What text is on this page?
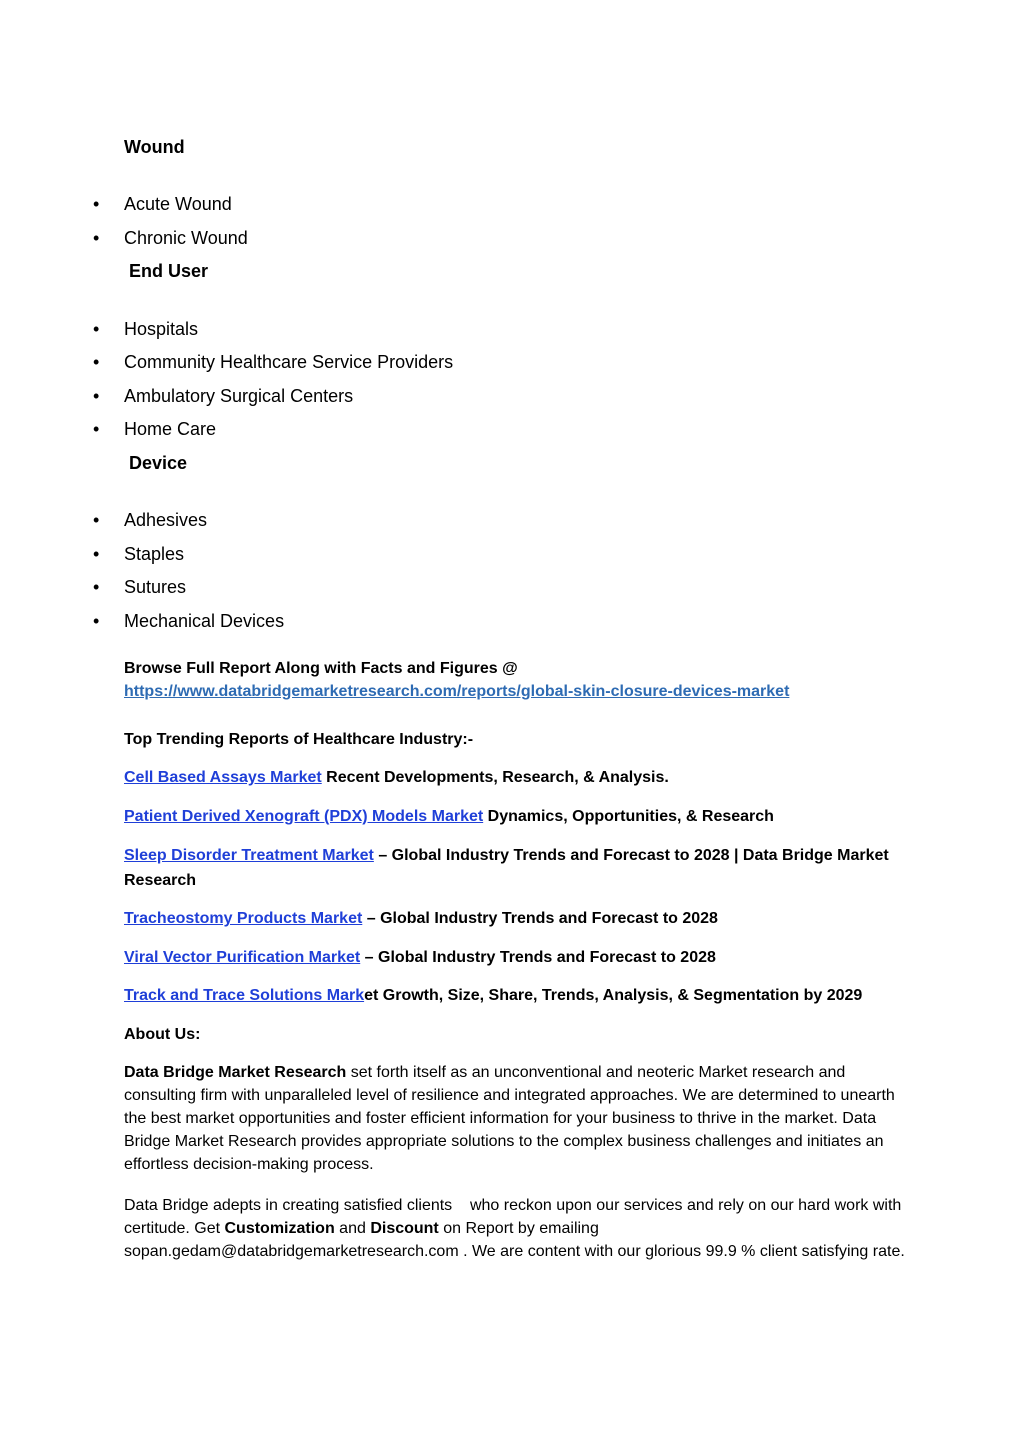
Wound
• Acute Wound
• Chronic Wound
End User
• Hospitals
• Community Healthcare Service Providers
• Ambulatory Surgical Centers
• Home Care
Device
• Adhesives
• Staples
• Sutures
• Mechanical Devices
Browse Full Report Along with Facts and Figures @
https://www.databridgemarketresearch.com/reports/global-skin-closure-devices-market
Top Trending Reports of Healthcare Industry:-
Cell Based Assays Market Recent Developments, Research, & Analysis.
Patient Derived Xenograft (PDX) Models Market Dynamics, Opportunities, & Research
Sleep Disorder Treatment Market – Global Industry Trends and Forecast to 2028 | Data Bridge Market Research
Tracheostomy Products Market – Global Industry Trends and Forecast to 2028
Viral Vector Purification Market – Global Industry Trends and Forecast to 2028
Track and Trace Solutions Market Growth, Size, Share, Trends, Analysis, & Segmentation by 2029
About Us:
Data Bridge Market Research set forth itself as an unconventional and neoteric Market research and consulting firm with unparalleled level of resilience and integrated approaches. We are determined to unearth the best market opportunities and foster efficient information for your business to thrive in the market. Data Bridge Market Research provides appropriate solutions to the complex business challenges and initiates an effortless decision-making process.
Data Bridge adepts in creating satisfied clients    who reckon upon our services and rely on our hard work with certitude. Get Customization and Discount on Report by emailing sopan.gedam@databridgemarketresearch.com . We are content with our glorious 99.9 % client satisfying rate.
